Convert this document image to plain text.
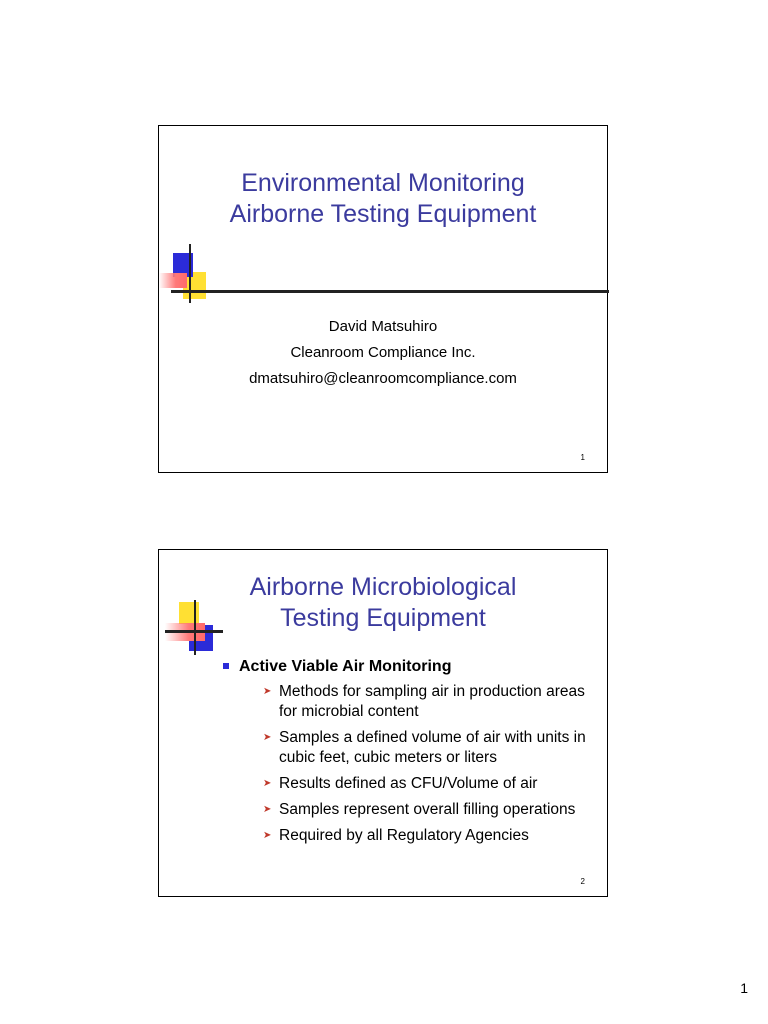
Environmental Monitoring
Airborne Testing Equipment
David Matsuhiro
Cleanroom Compliance Inc.
dmatsuhiro@cleanroomcompliance.com
1
Airborne Microbiological
Testing Equipment
Active Viable Air Monitoring
➤ Methods for sampling air in production areas for microbial content
➤ Samples a defined volume of air with units in cubic feet, cubic meters or liters
➤ Results defined as CFU/Volume of air
➤ Samples represent overall filling operations
➤ Required by all Regulatory Agencies
2
1
